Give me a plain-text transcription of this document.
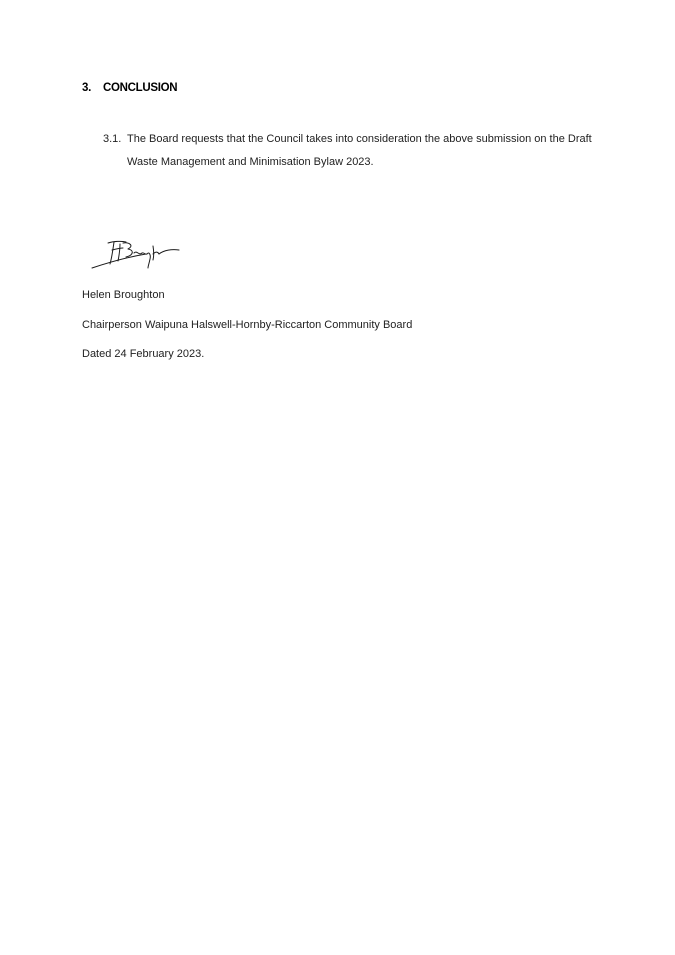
3.	CONCLUSION
3.1. The Board requests that the Council takes into consideration the above submission on the Draft Waste Management and Minimisation Bylaw 2023.
Helen Broughton
Chairperson Waipuna Halswell-Hornby-Riccarton Community Board
Dated 24 February 2023.
